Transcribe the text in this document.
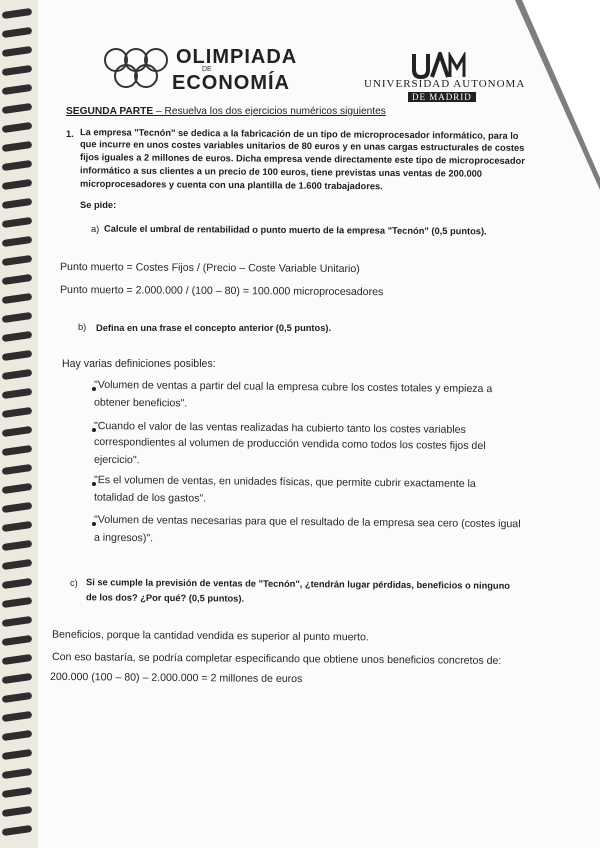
OLIMPIADA
DE
ECONOMÍA	UNIVERSIDAD AUTONOMA
DE MADRID
SEGUNDA PARTE – Resuelva los dos ejercicios numéricos siguientes
1. La empresa "Tecnón" se dedica a la fabricación de un tipo de microprocesador informático, para lo
que incurre en unos costes variables unitarios de 80 euros y en unas cargas estructurales de costes
fijos iguales a 2 millones de euros. Dicha empresa vende directamente este tipo de microprocesador
informático a sus clientes a un precio de 100 euros, tiene previstas unas ventas de 200.000
microprocesadores y cuenta con una plantilla de 1.600 trabajadores.
Se pide:
a) Calcule el umbral de rentabilidad o punto muerto de la empresa "Tecnón" (0,5 puntos).
Punto muerto = Costes Fijos / (Precio – Coste Variable Unitario)
Punto muerto = 2.000.000 / (100 – 80) = 100.000 microprocesadores
b) Defina en una frase el concepto anterior (0,5 puntos).
Hay varias definiciones posibles:
"Volumen de ventas a partir del cual la empresa cubre los costes totales y empieza a
obtener beneficios".
"Cuando el valor de las ventas realizadas ha cubierto tanto los costes variables
correspondientes al volumen de producción vendida como todos los costes fijos del
ejercicio".
"Es el volumen de ventas, en unidades físicas, que permite cubrir exactamente la
totalidad de los gastos".
"Volumen de ventas necesarias para que el resultado de la empresa sea cero (costes igual
a ingresos)".
c) Si se cumple la previsión de ventas de "Tecnón", ¿tendrán lugar pérdidas, beneficios o ninguno
de los dos? ¿Por qué? (0,5 puntos).
Beneficios, porque la cantidad vendida es superior al punto muerto.
Con eso bastaría, se podría completar especificando que obtiene unos beneficios concretos de:
200.000 (100 – 80) – 2.000.000 = 2 millones de euros
